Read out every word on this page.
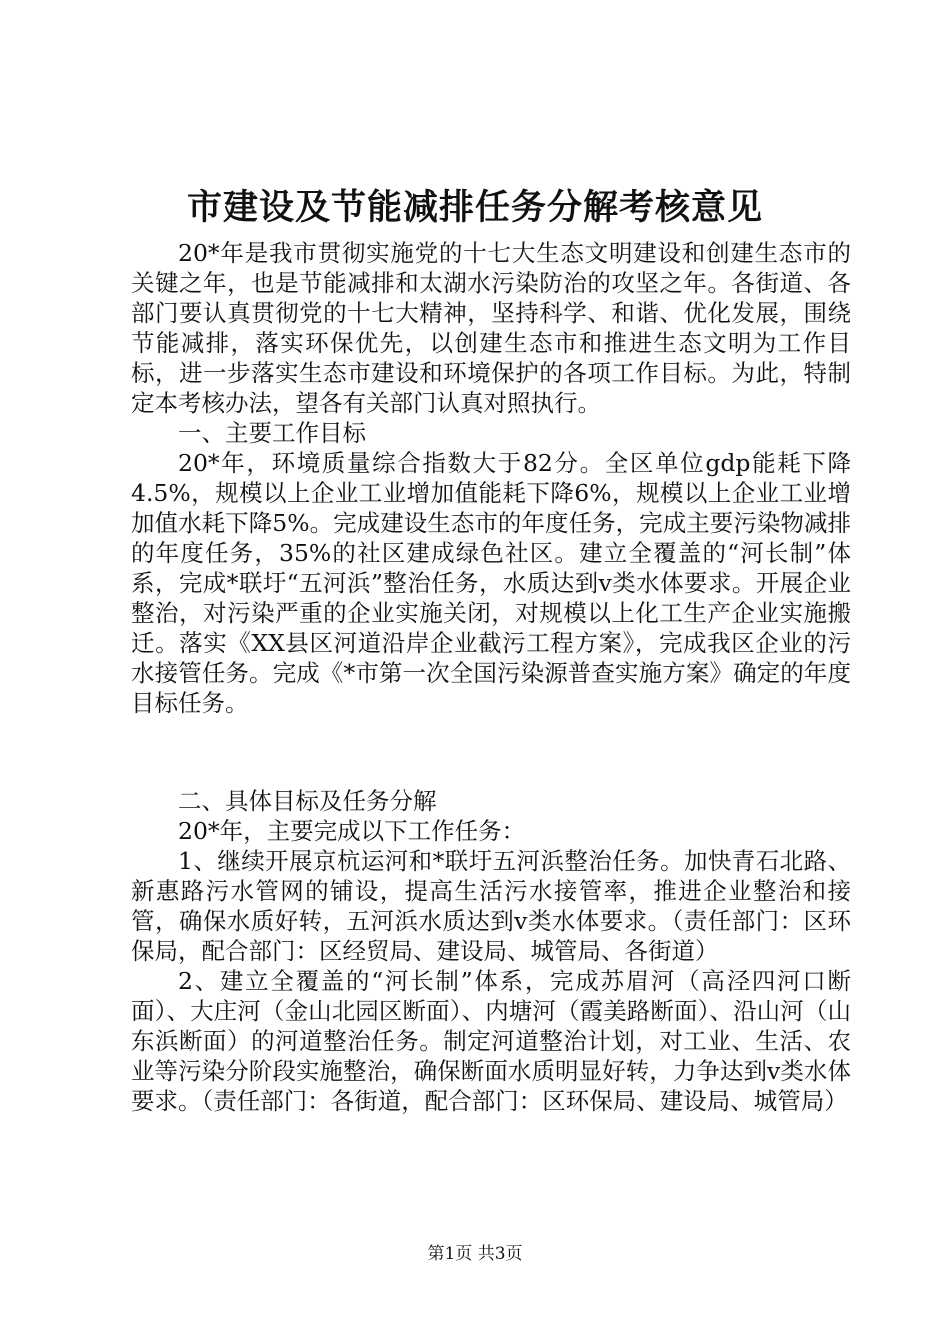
市建设及节能减排任务分解考核意见

20*年是我市贯彻实施党的十七大生态文明建设和创建生态市的关键之年，也是节能减排和太湖水污染防治的攻坚之年。各街道、各部门要认真贯彻党的十七大精神，坚持科学、和谐、优化发展，围绕节能减排，落实环保优先，以创建生态市和推进生态文明为工作目标，进一步落实生态市建设和环境保护的各项工作目标。为此，特制定本考核办法，望各有关部门认真对照执行。

一、主要工作目标

20*年，环境质量综合指数大于82分。全区单位gdp能耗下降4.5%，规模以上企业工业增加值能耗下降6%，规模以上企业工业增加值水耗下降5%。完成建设生态市的年度任务，完成主要污染物减排的年度任务，35%的社区建成绿色社区。建立全覆盖的“河长制”体系，完成*联圩“五河浜”整治任务，水质达到v类水体要求。开展企业整治，对污染严重的企业实施关闭，对规模以上化工生产企业实施搬迁。落实《XX县区河道沿岸企业截污工程方案》，完成我区企业的污水接管任务。完成《*市第一次全国污染源普查实施方案》确定的年度目标任务。

二、具体目标及任务分解

20*年，主要完成以下工作任务：

1、继续开展京杭运河和*联圩五河浜整治任务。加快青石北路、新惠路污水管网的铺设，提高生活污水接管率，推进企业整治和接管，确保水质好转，五河浜水质达到v类水体要求。（责任部门：区环保局，配合部门：区经贸局、建设局、城管局、各街道）

2、建立全覆盖的“河长制”体系，完成苏眉河（高泾四河口断面）、大庄河（金山北园区断面）、内塘河（霞美路断面）、沿山河（山东浜断面）的河道整治任务。制定河道整治计划，对工业、生活、农业等污染分阶段实施整治，确保断面水质明显好转，力争达到v类水体要求。（责任部门：各街道，配合部门：区环保局、建设局、城管局）

第1页 共3页
